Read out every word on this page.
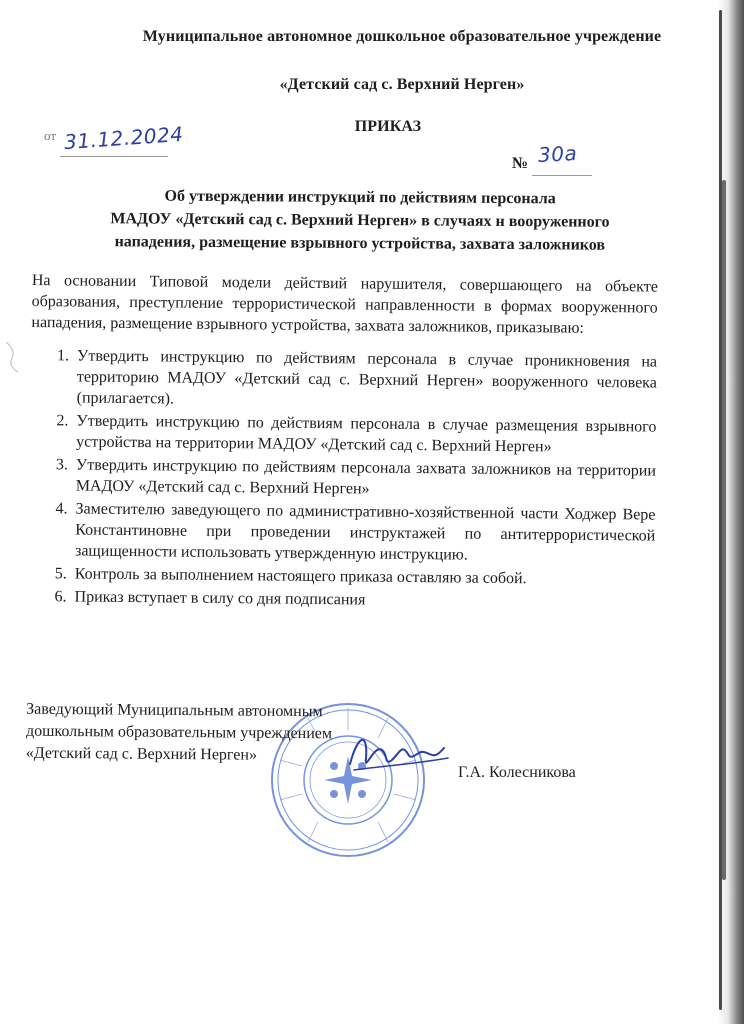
Муниципальное автономное дошкольное образовательное учреждение
«Детский сад с. Верхний Нерген»
ПРИКАЗ
от 31.12.2024
№ 30а
Об утверждении инструкций по действиям персонала
МАДОУ «Детский сад с. Верхний Нерген» в случаях н вооруженного
нападения, размещение взрывного устройства, захвата заложников

На основании Типовой модели действий нарушителя, совершающего на объекте образования, преступление террористической направленности в формах вооруженного нападения, размещение взрывного устройства, захвата заложников, приказываю:

1. Утвердить инструкцию по действиям персонала в случае проникновения на территорию МАДОУ «Детский сад с. Верхний Нерген» вооруженного человека (прилагается).
2. Утвердить инструкцию по действиям персонала в случае размещения взрывного устройства на территории МАДОУ «Детский сад с. Верхний Нерген»
3. Утвердить инструкцию по действиям персонала захвата заложников на территории МАДОУ «Детский сад с. Верхний Нерген»
4. Заместителю заведующего по административно-хозяйственной части Ходжер Вере Константиновне при проведении инструктажей по антитеррористической защищенности использовать утвержденную инструкцию.
5. Контроль за выполнением настоящего приказа оставляю за собой.
6. Приказ вступает в силу со дня подписания
Заведующий Муниципальным автономным
дошкольным образовательным учреждением
«Детский сад с. Верхний Нерген»
Г.А. Колесникова
